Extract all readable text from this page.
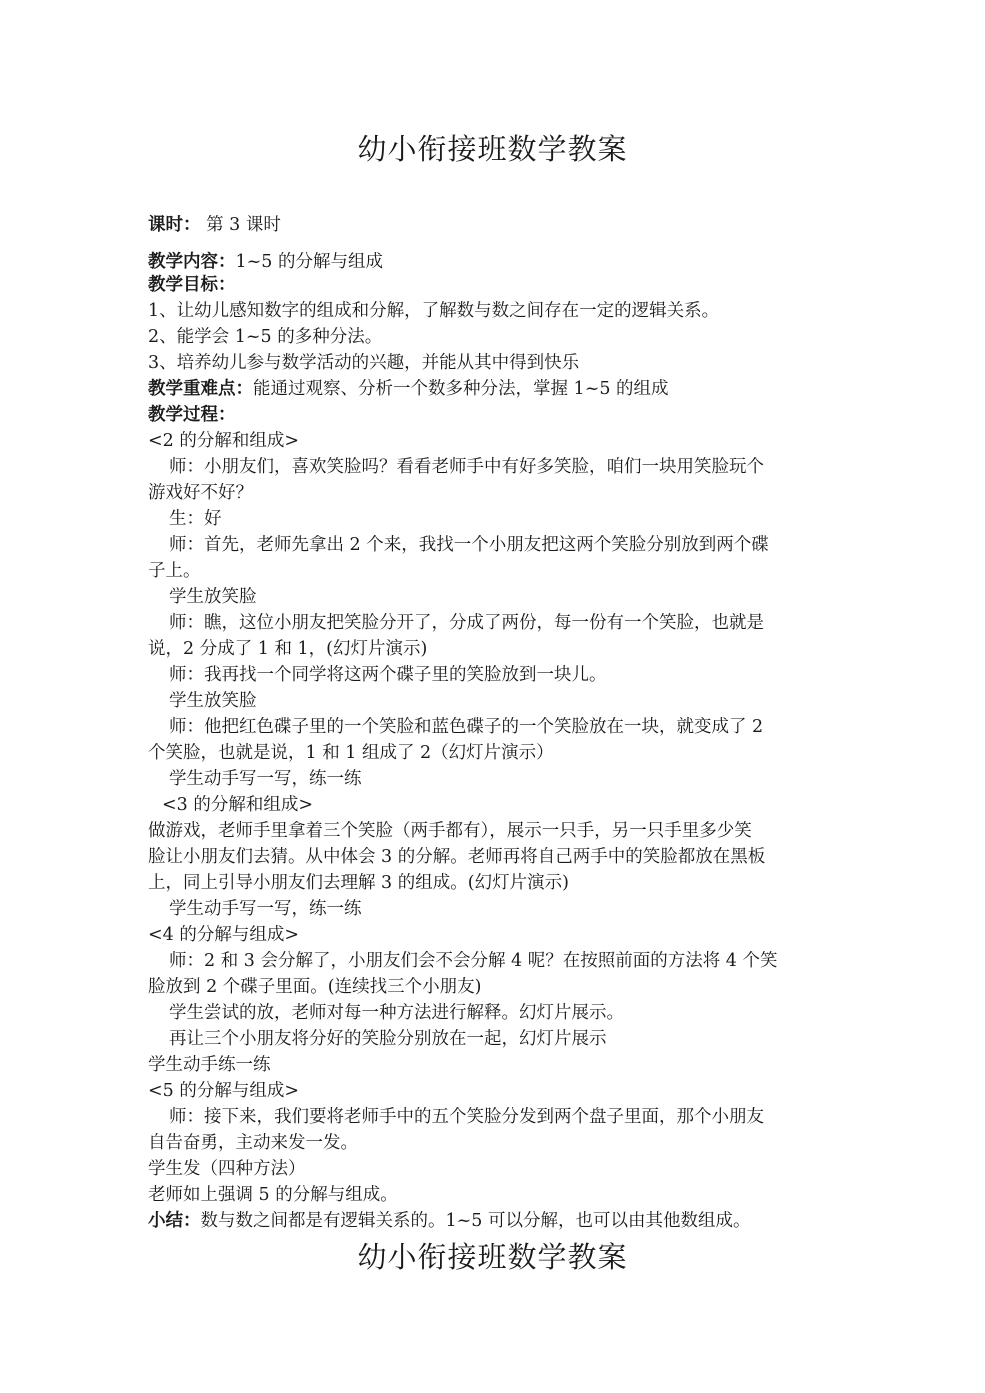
幼小衔接班数学教案
课时： 第 3 课时
教学内容：1~5 的分解与组成
教学目标：
1、让幼儿感知数字的组成和分解，了解数与数之间存在一定的逻辑关系。
2、能学会 1~5 的多种分法。
3、培养幼儿参与数学活动的兴趣，并能从其中得到快乐
教学重难点：能通过观察、分析一个数多种分法，掌握 1~5 的组成
教学过程：
<2 的分解和组成>
师：小朋友们，喜欢笑脸吗？看看老师手中有好多笑脸，咱们一块用笑脸玩个
游戏好不好？
生：好
师：首先，老师先拿出 2 个来，我找一个小朋友把这两个笑脸分别放到两个碟
子上。
学生放笑脸
师：瞧，这位小朋友把笑脸分开了，分成了两份，每一份有一个笑脸，也就是
说，2 分成了 1 和 1，(幻灯片演示)
师：我再找一个同学将这两个碟子里的笑脸放到一块儿。
学生放笑脸
师：他把红色碟子里的一个笑脸和蓝色碟子的一个笑脸放在一块，就变成了 2
个笑脸，也就是说，1 和 1 组成了 2（幻灯片演示）
学生动手写一写，练一练
<3 的分解和组成>
做游戏，老师手里拿着三个笑脸（两手都有），展示一只手，另一只手里多少笑
脸让小朋友们去猜。从中体会 3 的分解。老师再将自己两手中的笑脸都放在黑板
上，同上引导小朋友们去理解 3 的组成。(幻灯片演示)
学生动手写一写，练一练
<4 的分解与组成>
师：2 和 3 会分解了，小朋友们会不会分解 4 呢？在按照前面的方法将 4 个笑
脸放到 2 个碟子里面。(连续找三个小朋友)
学生尝试的放，老师对每一种方法进行解释。幻灯片展示。
再让三个小朋友将分好的笑脸分别放在一起，幻灯片展示
学生动手练一练
<5 的分解与组成>
师：接下来，我们要将老师手中的五个笑脸分发到两个盘子里面，那个小朋友
自告奋勇，主动来发一发。
学生发（四种方法）
老师如上强调 5 的分解与组成。
小结：数与数之间都是有逻辑关系的。1~5 可以分解，也可以由其他数组成。
幼小衔接班数学教案
